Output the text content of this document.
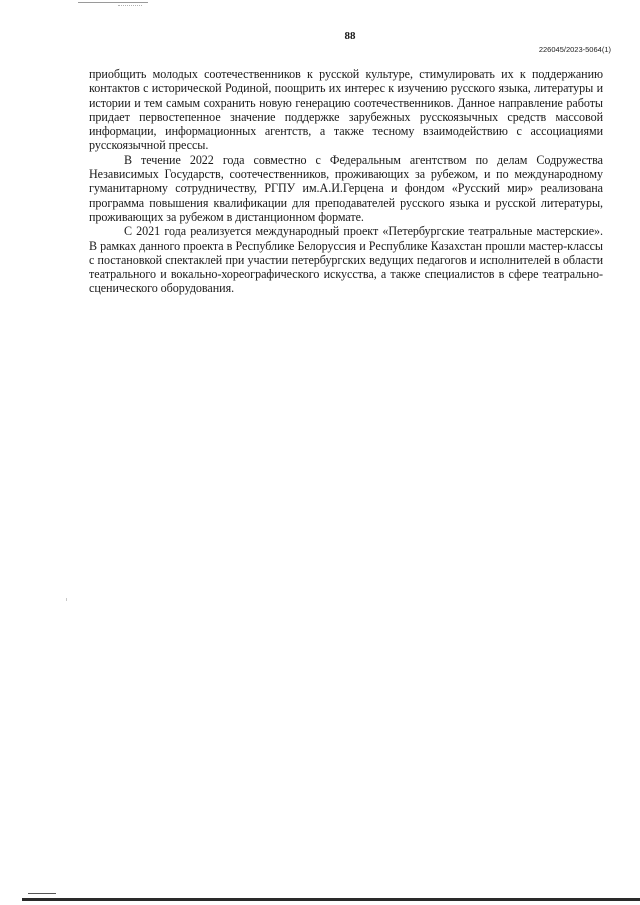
88
226045/2023-5064(1)

приобщить молодых соотечественников к русской культуре, стимулировать их к поддержанию контактов с исторической Родиной, поощрить их интерес к изучению русского языка, литературы и истории и тем самым сохранить новую генерацию соотечественников. Данное направление работы придает первостепенное значение поддержке зарубежных русскоязычных средств массовой информации, информационных агентств, а также тесному взаимодействию с ассоциациями русскоязычной прессы.

В течение 2022 года совместно с Федеральным агентством по делам Содружества Независимых Государств, соотечественников, проживающих за рубежом, и по международному гуманитарному сотрудничеству, РГПУ им.А.И.Герцена и фондом «Русский мир» реализована программа повышения квалификации для преподавателей русского языка и русской литературы, проживающих за рубежом в дистанционном формате.

С 2021 года реализуется международный проект «Петербургские театральные мастерские». В рамках данного проекта в Республике Белоруссия и Республике Казахстан прошли мастер-классы с постановкой спектаклей при участии петербургских ведущих педагогов и исполнителей в области театрального и вокально-хореографического искусства, а также специалистов в сфере театрально-сценического оборудования.
